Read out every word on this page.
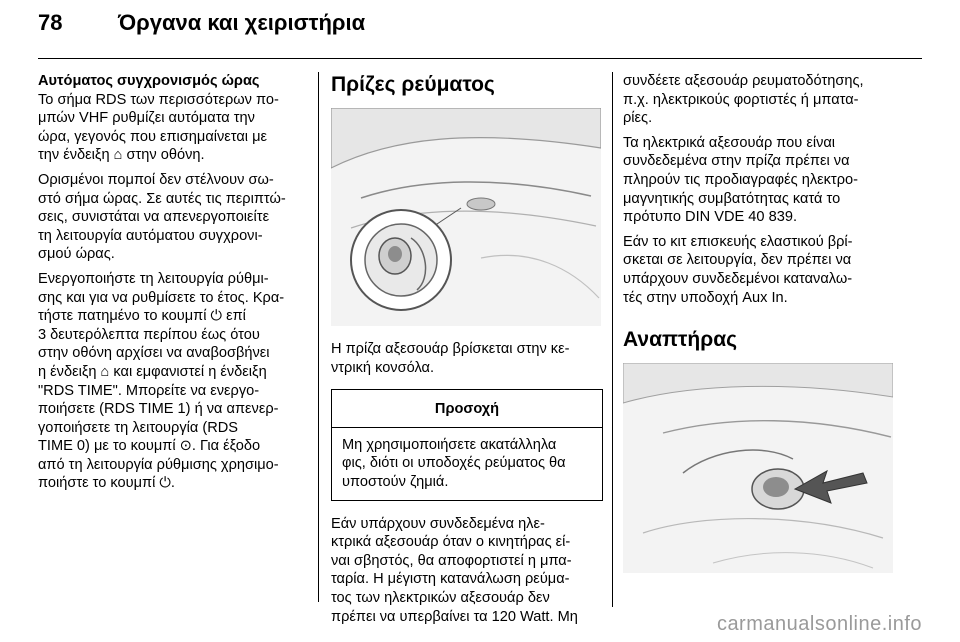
78	Όργανα και χειριστήρια
Αυτόματος συγχρονισμός ώρας

Το σήμα RDS των περισσότερων πο-
μπών VHF ρυθμίζει αυτόματα την
ώρα, γεγονός που επισημαίνεται με
την ένδειξη ⌂ στην οθόνη.

Ορισμένοι πομποί δεν στέλνουν σω-
στό σήμα ώρας. Σε αυτές τις περιπτώ-
σεις, συνιστάται να απενεργοποιείτε
τη λειτουργία αυτόματου συγχρονι-
σμού ώρας.

Ενεργοποιήστε τη λειτουργία ρύθμι-
σης και για να ρυθμίσετε το έτος. Κρα-
τήστε πατημένο το κουμπί ⏻ επί
3 δευτερόλεπτα περίπου έως ότου
στην οθόνη αρχίσει να αναβοσβήνει
η ένδειξη ⌂ και εμφανιστεί η ένδειξη
"RDS TIME". Μπορείτε να ενεργο-
ποιήσετε (RDS TIME 1) ή να απενερ-
γοποιήσετε τη λειτουργία (RDS
TIME 0) με το κουμπί ⊙. Για έξοδο
από τη λειτουργία ρύθμισης χρησιμο-
ποιήστε το κουμπί ⏻.

Πρίζες ρεύματος

Η πρίζα αξεσουάρ βρίσκεται στην κε-
ντρική κονσόλα.

Προσοχή
Μη χρησιμοποιήσετε ακατάλληλα
φις, διότι οι υποδοχές ρεύματος θα
υποστούν ζημιά.

Εάν υπάρχουν συνδεδεμένα ηλε-
κτρικά αξεσουάρ όταν ο κινητήρας εί-
ναι σβηστός, θα αποφορτιστεί η μπα-
ταρία. Η μέγιστη κατανάλωση ρεύμα-
τος των ηλεκτρικών αξεσουάρ δεν
πρέπει να υπερβαίνει τα 120 Watt. Μη

συνδέετε αξεσουάρ ρευματοδότησης,
π.χ. ηλεκτρικούς φορτιστές ή μπατα-
ρίες.

Τα ηλεκτρικά αξεσουάρ που είναι
συνδεδεμένα στην πρίζα πρέπει να
πληρούν τις προδιαγραφές ηλεκτρο-
μαγνητικής συμβατότητας κατά το
πρότυπο DIN VDE 40 839.

Εάν το κιτ επισκευής ελαστικού βρί-
σκεται σε λειτουργία, δεν πρέπει να
υπάρχουν συνδεδεμένοι καταναλω-
τές στην υποδοχή Aux In.

Αναπτήρας
carmanualsonline.info
